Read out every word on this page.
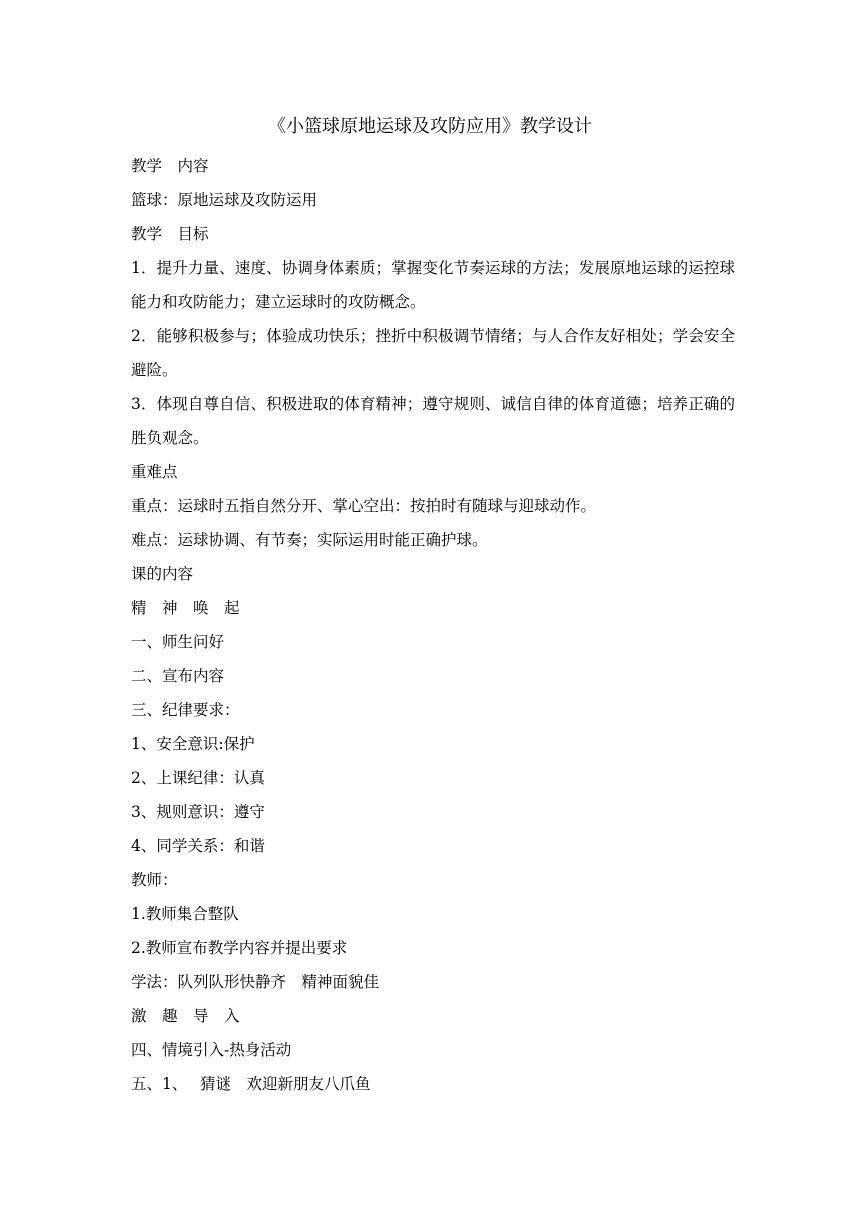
《小篮球原地运球及攻防应用》教学设计
教学　内容
篮球：原地运球及攻防运用
教学　目标

1．提升力量、速度、协调身体素质；掌握变化节奏运球的方法；发展原地运球的运控球能力和攻防能力；建立运球时的攻防概念。

2．能够积极参与；体验成功快乐；挫折中积极调节情绪；与人合作友好相处；学会安全避险。

3．体现自尊自信、积极进取的体育精神；遵守规则、诚信自律的体育道德；培养正确的胜负观念。

重难点
重点：运球时五指自然分开、掌心空出：按拍时有随球与迎球动作。
难点：运球协调、有节奏；实际运用时能正确护球。
课的内容
精　神　唤　起
一、师生问好
二、宣布内容
三、纪律要求：
1、安全意识:保护
2、上课纪律：认真
3、规则意识：遵守
4、同学关系：和谐
教师：
1.教师集合整队
2.教师宣布教学内容并提出要求
学法：队列队形快静齐　精神面貌佳
激　趣　导　入
四、情境引入-热身活动
五、1、　 猜谜　欢迎新朋友八爪鱼
